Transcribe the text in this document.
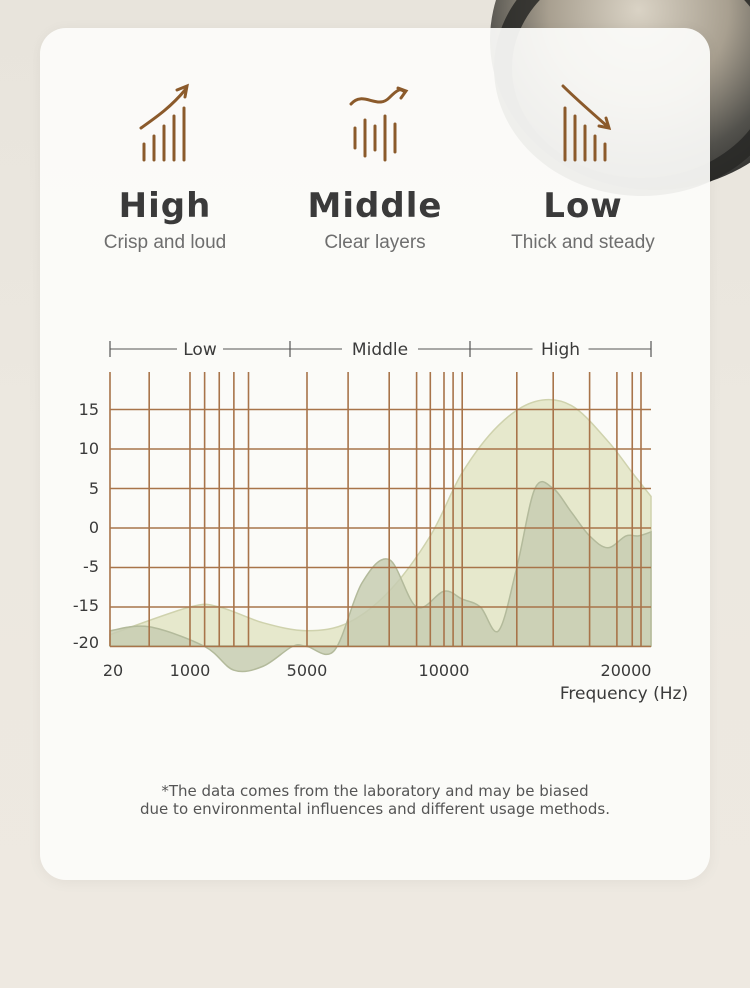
High
Crisp and loud
Middle
Clear layers
Low
Thick and steady
Low	Middle	High
15
10
5
0
-5
-15
-20
20	1000	5000	10000	20000
Frequency (Hz)
*The data comes from the laboratory and may be biased
due to environmental influences and different usage methods.
